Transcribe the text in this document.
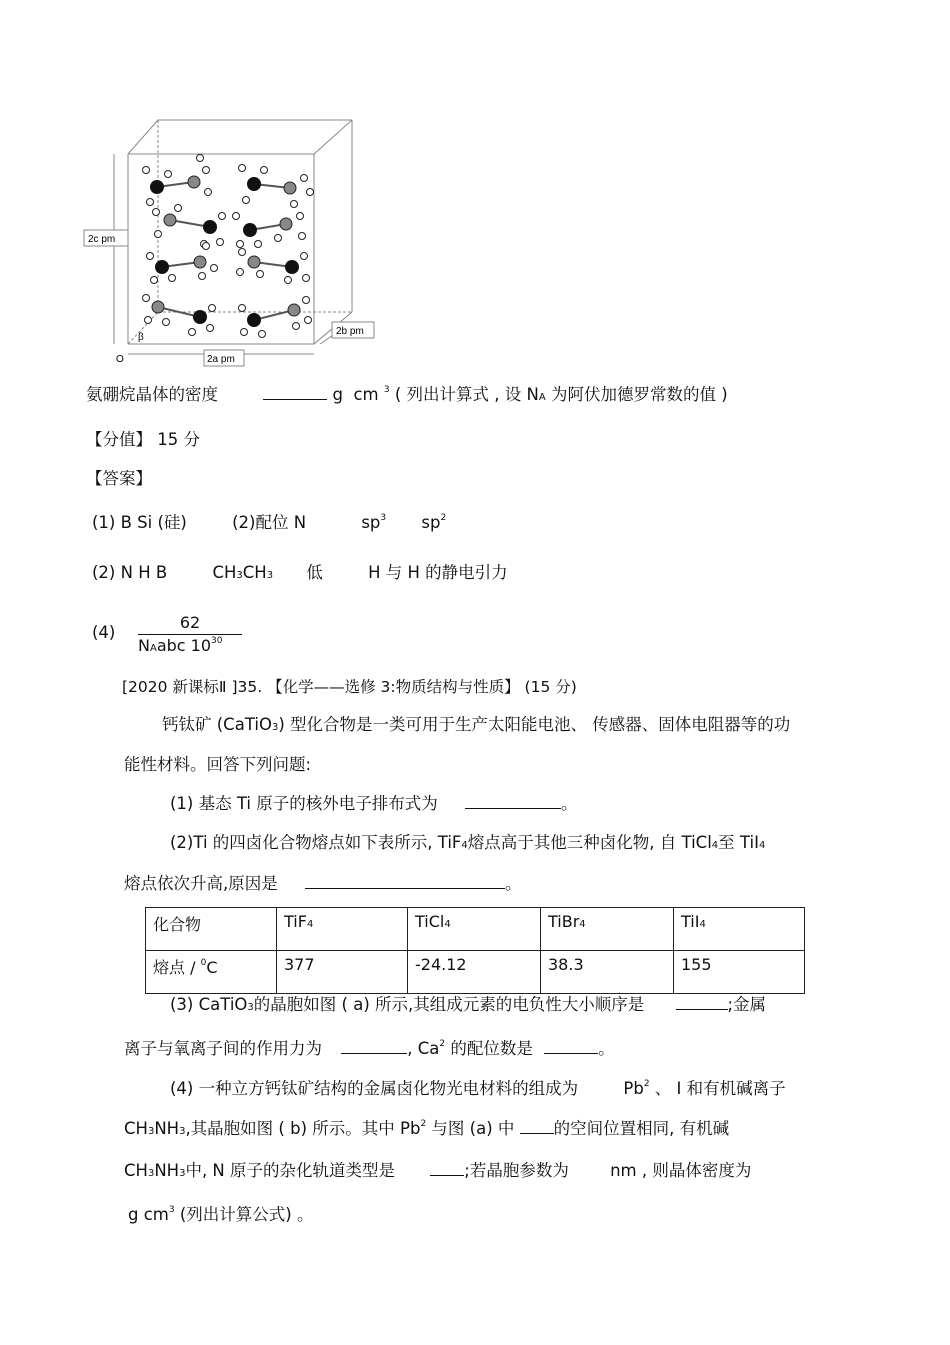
2c pm
2b pm
2a pm
β
O
氨硼烷晶体的密度	g cm $^3$ ( 列出计算式 , 设 NA 为阿伏加德罗常数的值 )
【分值】 15 分
【答案】
(1) B Si (硅)	(2)配位 N	$sp^3$ $sp^2$
(2) N H B	CH3CH3 低	H 与 H 的静电引力
(4)
62
NAabc $10^{30}$
[2020 新课标Ⅱ ]35. 【化学——选修 3:物质结构与性质】 (15 分)
钙钛矿 (CaTiO3) 型化合物是一类可用于生产太阳能电池、 传感器、固体电阻器等的功
能性材料。回答下列问题:
(1) 基态 Ti 原子的核外电子排布式为	。
(2)Ti 的四卤化合物熔点如下表所示, TiF4熔点高于其他三种卤化物, 自 TiCl4至 TiI4
熔点依次升高,原因是	。
化合物	TiF4	TiCl4	TiBr4	TiI4
熔点 / $^0$C	377	-24.12	38.3	155
(3) CaTiO3的晶胞如图 ( a) 所示,其组成元素的电负性大小顺序是	;金属
离子与氧离子间的作用力为	, Ca$^2$ 的配位数是	。
(4) 一种立方钙钛矿结构的金属卤化物光电材料的组成为	Pb$^2$ 、 I 和有机碱离子
CH3NH3,其晶胞如图 ( b) 所示。其中 Pb$^2$ 与图 (a) 中 的空间位置相同, 有机碱
CH3NH3中, N 原子的杂化轨道类型是	;若晶胞参数为	nm , 则晶体密度为
g $cm^3$ (列出计算公式) 。
